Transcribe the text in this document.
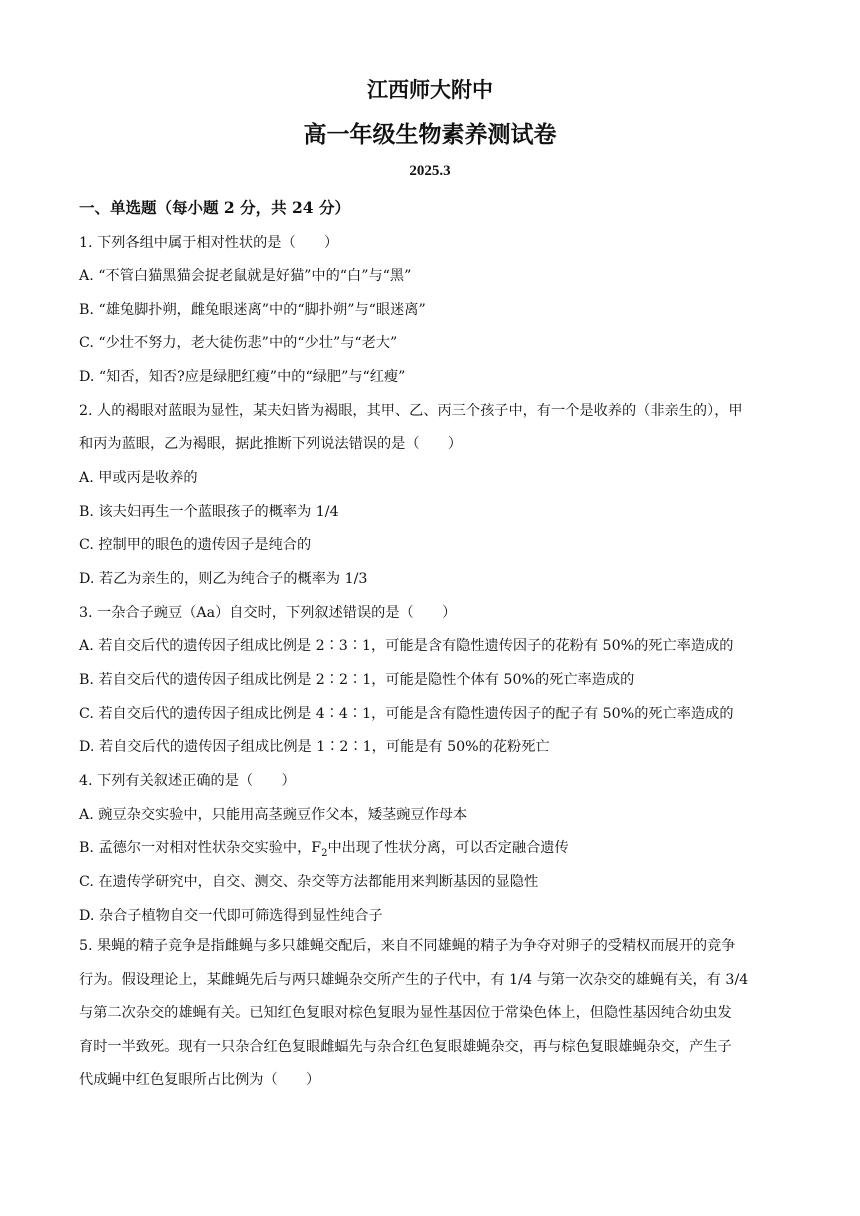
江西师大附中
高一年级生物素养测试卷
2025.3
一、单选题（每小题 2 分，共 24 分）
1. 下列各组中属于相对性状的是（　　）
A. “不管白猫黑猫会捉老鼠就是好猫”中的“白”与“黑”
B. “雄兔脚扑朔，雌兔眼迷离”中的“脚扑朔”与“眼迷离”
C. “少壮不努力，老大徒伤悲”中的“少壮”与“老大”
D. “知否，知否?应是绿肥红瘦”中的“绿肥”与“红瘦”
2. 人的褐眼对蓝眼为显性，某夫妇皆为褐眼，其甲、乙、丙三个孩子中，有一个是收养的（非亲生的），甲
和丙为蓝眼，乙为褐眼，据此推断下列说法错误的是（　　）
A. 甲或丙是收养的
B. 该夫妇再生一个蓝眼孩子的概率为 1/4
C. 控制甲的眼色的遗传因子是纯合的
D. 若乙为亲生的，则乙为纯合子的概率为 1/3
3. 一杂合子豌豆（Aa）自交时，下列叙述错误的是（　　）
A. 若自交后代的遗传因子组成比例是 2∶3∶1，可能是含有隐性遗传因子的花粉有 50%的死亡率造成的
B. 若自交后代的遗传因子组成比例是 2∶2∶1，可能是隐性个体有 50%的死亡率造成的
C. 若自交后代的遗传因子组成比例是 4∶4∶1，可能是含有隐性遗传因子的配子有 50%的死亡率造成的
D. 若自交后代的遗传因子组成比例是 1∶2∶1，可能是有 50%的花粉死亡
4. 下列有关叙述正确的是（　　）
A. 豌豆杂交实验中，只能用高茎豌豆作父本，矮茎豌豆作母本
B. 孟德尔一对相对性状杂交实验中，$F_2$中出现了性状分离，可以否定融合遗传
C. 在遗传学研究中，自交、测交、杂交等方法都能用来判断基因的显隐性
D. 杂合子植物自交一代即可筛选得到显性纯合子
5. 果蝇的精子竞争是指雌蝇与多只雄蝇交配后，来自不同雄蝇的精子为争夺对卵子的受精权而展开的竞争
行为。假设理论上，某雌蝇先后与两只雄蝇杂交所产生的子代中，有 1/4 与第一次杂交的雄蝇有关，有 3/4
与第二次杂交的雄蝇有关。已知红色复眼对棕色复眼为显性基因位于常染色体上，但隐性基因纯合幼虫发
育时一半致死。现有一只杂合红色复眼雌蝠先与杂合红色复眼雄蝇杂交，再与棕色复眼雄蝇杂交，产生子
代成蝇中红色复眼所占比例为（　　）
